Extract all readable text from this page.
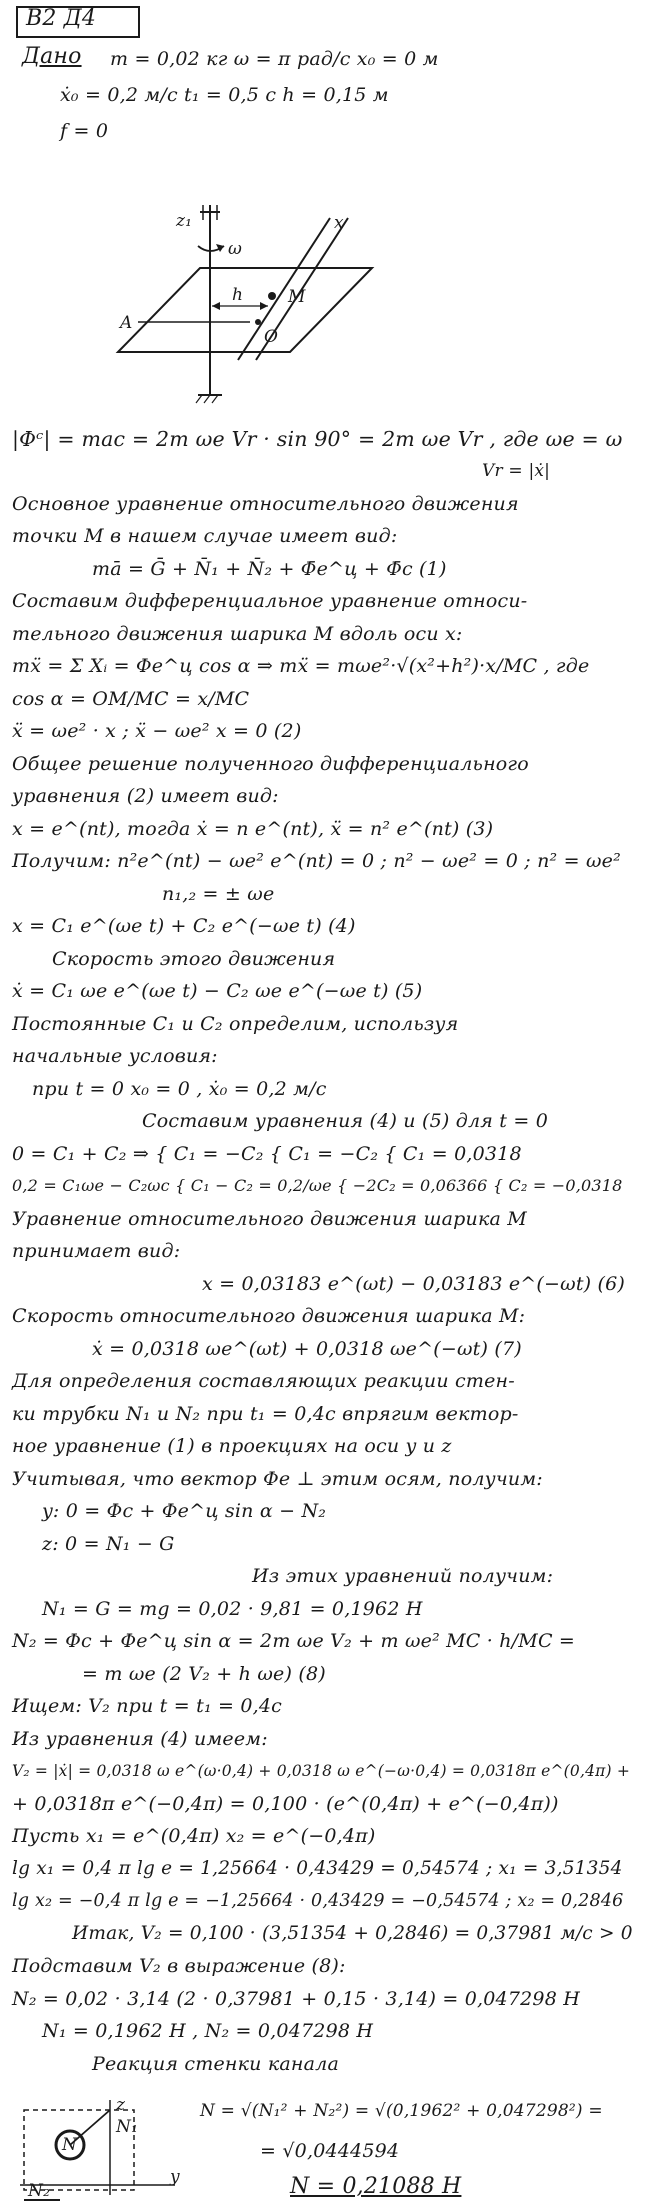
В2 Д4
Дано m = 0,02 кг ω = π рад/с x₀ = 0 м
ẋ₀ = 0,2 м/с t₁ = 0,5 с h = 0,15 м
f = 0
z₁	x
ω
A
h	M
O
|Φᶜ| = mac = 2m ωe Vr · sin 90° = 2m ωe Vr , где ωe = ω
Vr = |ẋ|
Основное уравнение относительного движения
точки M в нашем случае имеет вид:
mā = Ḡ + N̄₁ + N̄₂ + Φ̄e^ц + Φ̄c (1)
Составим дифференциальное уравнение относи-
тельного движения шарика M вдоль оси x:
mẍ = Σ Xᵢ = Φe^ц cos α ⇒ mẍ = mωe²·√(x²+h²)·x/MC , где
cos α = OM/MC = x/MC
ẍ = ωe² · x ; ẍ − ωe² x = 0 (2)
Общее решение полученного дифференциального
уравнения (2) имеет вид:
x = e^(nt), тогда ẋ = n e^(nt), ẍ = n² e^(nt) (3)
Получим: n²e^(nt) − ωe² e^(nt) = 0 ; n² − ωe² = 0 ; n² = ωe²
n₁,₂ = ± ωe
x = C₁ e^(ωe t) + C₂ e^(−ωe t) (4)
Скорость этого движения
ẋ = C₁ ωe e^(ωe t) − C₂ ωe e^(−ωe t) (5)
Постоянные C₁ и C₂ определим, используя
начальные условия:
при t = 0 x₀ = 0 , ẋ₀ = 0,2 м/с
Составим уравнения (4) и (5) для t = 0
0 = C₁ + C₂ ⇒ { C₁ = −C₂ { C₁ = −C₂ { C₁ = 0,0318
0,2 = C₁ωe − C₂ωc { C₁ − C₂ = 0,2/ωe { −2C₂ = 0,06366 { C₂ = −0,0318
Уравнение относительного движения шарика M
принимает вид:
x = 0,03183 e^(ωt) − 0,03183 e^(−ωt) (6)
Скорость относительного движения шарика M:
ẋ = 0,0318 ωe^(ωt) + 0,0318 ωe^(−ωt) (7)
Для определения составляющих реакции стен-
ки трубки N₁ и N₂ при t₁ = 0,4с впрягим вектор-
ное уравнение (1) в проекциях на оси y и z
Учитывая, что вектор Φe ⊥ этим осям, получим:
y: 0 = Φc + Φe^ц sin α − N₂
z: 0 = N₁ − G
Из этих уравнений получим:
N₁ = G = mg = 0,02 · 9,81 = 0,1962 H
N₂ = Φc + Φe^ц sin α = 2m ωe V₂ + m ωe² MC · h/MC =
= m ωe (2 V₂ + h ωe) (8)
Ищем: V₂ при t = t₁ = 0,4с
Из уравнения (4) имеем:
V₂ = |ẋ| = 0,0318 ω e^(ω·0,4) + 0,0318 ω e^(−ω·0,4) = 0,0318π e^(0,4π) +
+ 0,0318π e^(−0,4π) = 0,100 · (e^(0,4π) + e^(−0,4π))
Пусть x₁ = e^(0,4π) x₂ = e^(−0,4π)
lg x₁ = 0,4 π lg e = 1,25664 · 0,43429 = 0,54574 ; x₁ = 3,51354
lg x₂ = −0,4 π lg e = −1,25664 · 0,43429 = −0,54574 ; x₂ = 0,2846
Итак, V₂ = 0,100 · (3,51354 + 0,2846) = 0,37981 м/с > 0
Подставим V₂ в выражение (8):
N₂ = 0,02 · 3,14 (2 · 0,37981 + 0,15 · 3,14) = 0,047298 H
N₁ = 0,1962 H , N₂ = 0,047298 H
Реакция стенки канала
z
y
N
N₁
N₂
N = √(N₁² + N₂²) = √(0,1962² + 0,047298²) =
= √0,0444594
N = 0,21088 H
